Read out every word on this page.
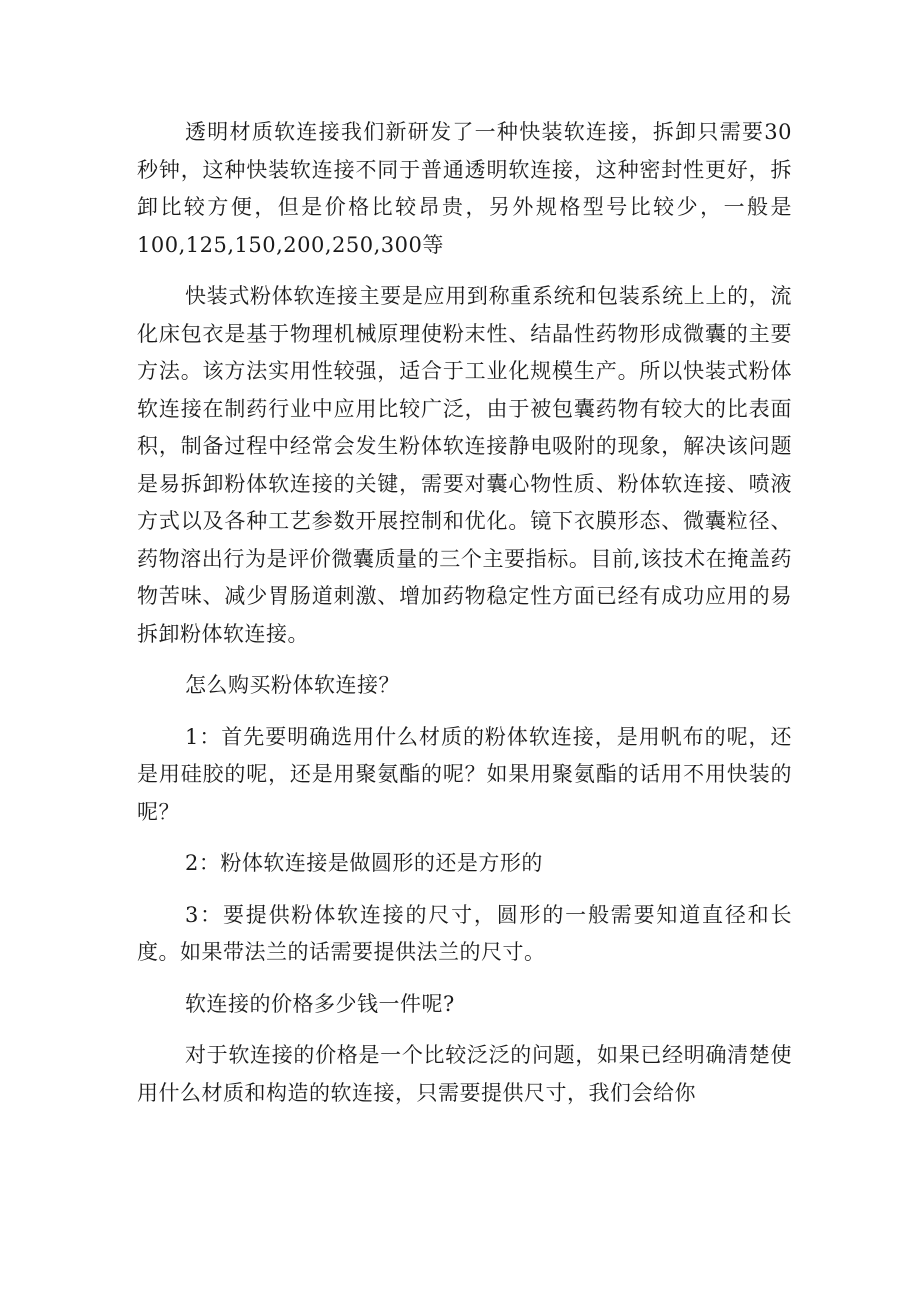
透明材质软连接我们新研发了一种快装软连接，拆卸只需要30秒钟，这种快装软连接不同于普通透明软连接，这种密封性更好，拆卸比较方便，但是价格比较昂贵，另外规格型号比较少，一般是100,125,150,200,250,300等

快装式粉体软连接主要是应用到称重系统和包装系统上上的，流化床包衣是基于物理机械原理使粉末性、结晶性药物形成微囊的主要方法。该方法实用性较强，适合于工业化规模生产。所以快装式粉体软连接在制药行业中应用比较广泛，由于被包囊药物有较大的比表面积，制备过程中经常会发生粉体软连接静电吸附的现象，解决该问题是易拆卸粉体软连接的关键，需要对囊心物性质、粉体软连接、喷液方式以及各种工艺参数开展控制和优化。镜下衣膜形态、微囊粒径、药物溶出行为是评价微囊质量的三个主要指标。目前,该技术在掩盖药物苦味、减少胃肠道刺激、增加药物稳定性方面已经有成功应用的易拆卸粉体软连接。

怎么购买粉体软连接？

1：首先要明确选用什么材质的粉体软连接，是用帆布的呢，还是用硅胶的呢，还是用聚氨酯的呢？如果用聚氨酯的话用不用快装的呢？

2：粉体软连接是做圆形的还是方形的

3：要提供粉体软连接的尺寸，圆形的一般需要知道直径和长度。如果带法兰的话需要提供法兰的尺寸。

软连接的价格多少钱一件呢?

对于软连接的价格是一个比较泛泛的问题，如果已经明确清楚使用什么材质和构造的软连接，只需要提供尺寸，我们会给你
